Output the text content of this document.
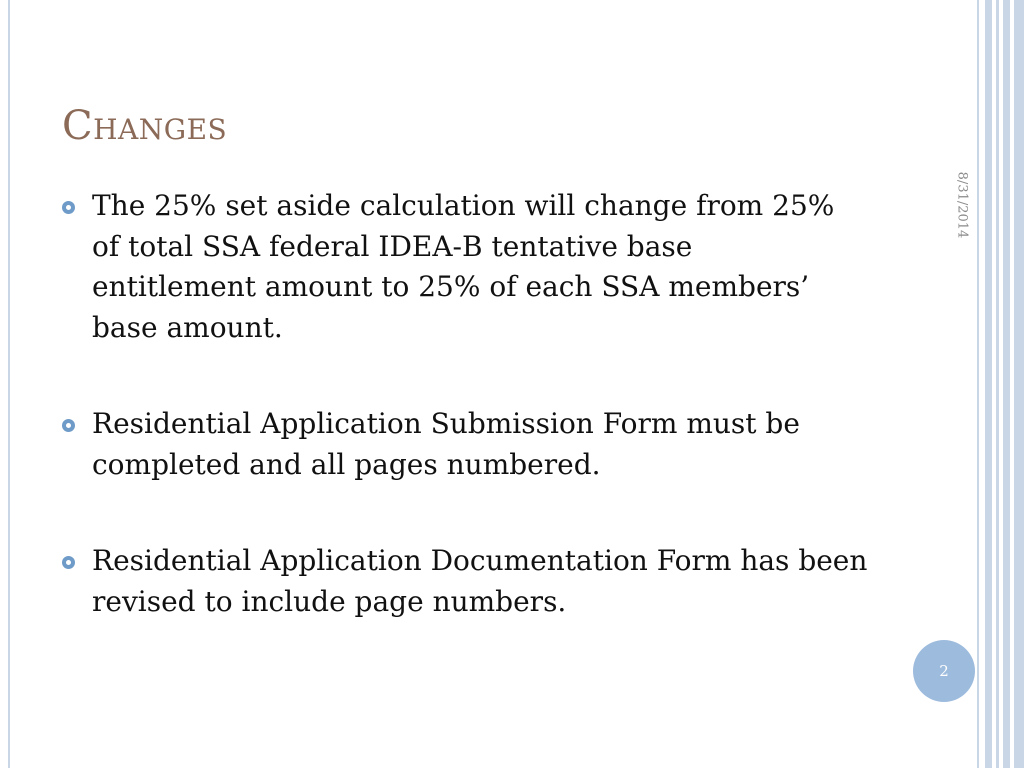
Changes
The 25% set aside calculation will change from 25% of total SSA federal IDEA-B tentative base entitlement amount to 25% of each SSA members’ base amount.
Residential Application Submission Form must be completed and all pages numbered.
Residential Application Documentation Form has been revised to include page numbers.
8/31/2014
2
